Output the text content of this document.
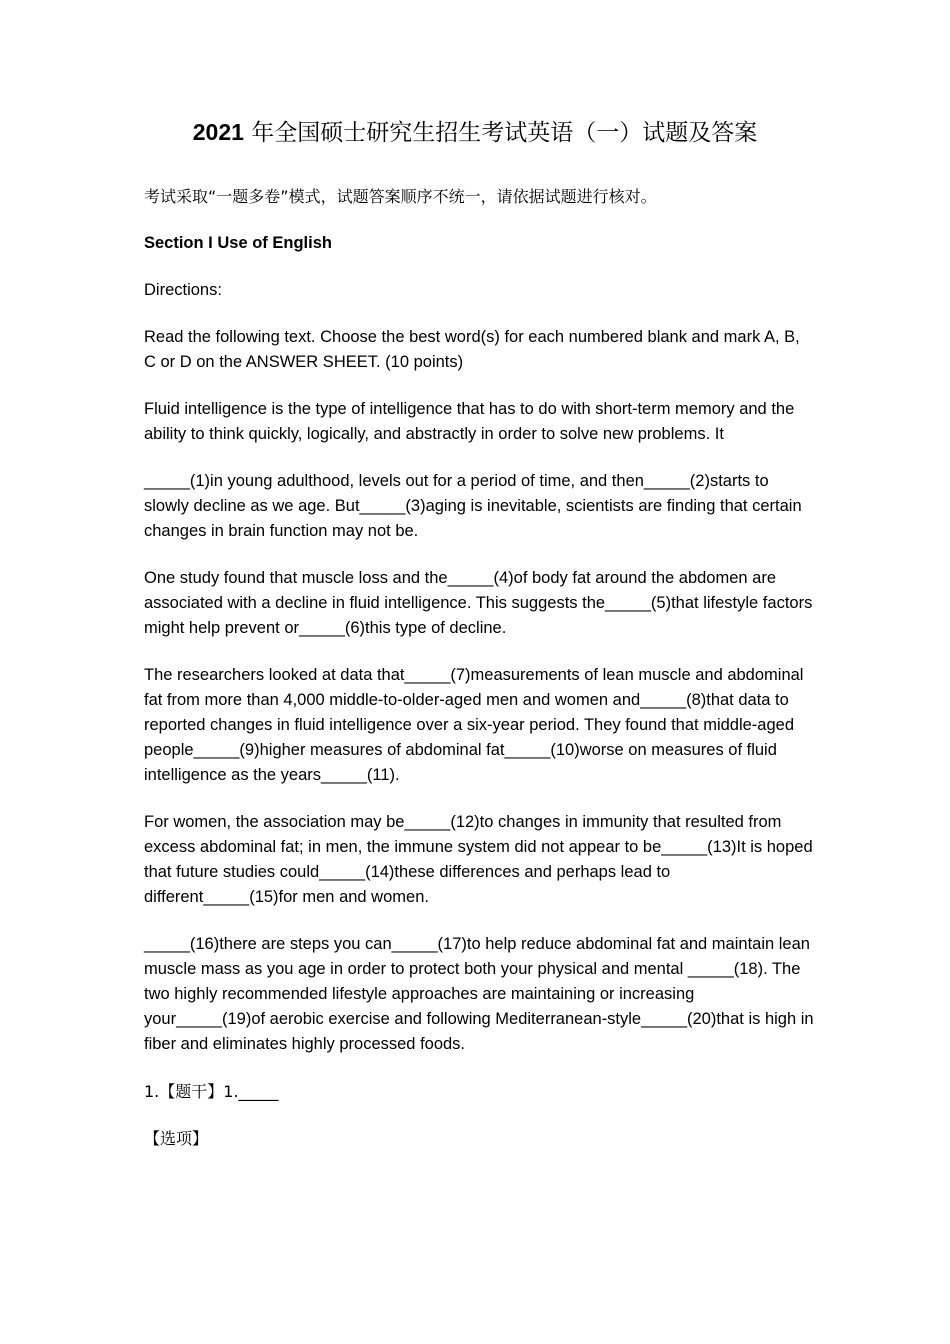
2021 年全国硕士研究生招生考试英语（一）试题及答案

考试采取“一题多卷”模式，试题答案顺序不统一，请依据试题进行核对。

Section I Use of English

Directions:

Read the following text. Choose the best word(s) for each numbered blank and mark A, B, C or D on the ANSWER SHEET. (10 points)

Fluid intelligence is the type of intelligence that has to do with short-term memory and the ability to think quickly, logically, and abstractly in order to solve new problems. It

_____(1)in young adulthood, levels out for a period of time, and then_____(2)starts to slowly decline as we age. But_____(3)aging is inevitable, scientists are finding that certain changes in brain function may not be.

One study found that muscle loss and the_____(4)of body fat around the abdomen are associated with a decline in fluid intelligence. This suggests the_____(5)that lifestyle factors might help prevent or_____(6)this type of decline.

The researchers looked at data that_____(7)measurements of lean muscle and abdominal fat from more than 4,000 middle-to-older-aged men and women and_____(8)that data to reported changes in fluid intelligence over a six-year period. They found that middle-aged people_____(9)higher measures of abdominal fat_____(10)worse on measures of fluid intelligence as the years_____(11).

For women, the association may be_____(12)to changes in immunity that resulted from excess abdominal fat; in men, the immune system did not appear to be_____(13)It is hoped that future studies could_____(14)these differences and perhaps lead to different_____(15)for men and women.

_____(16)there are steps you can_____(17)to help reduce abdominal fat and maintain lean muscle mass as you age in order to protect both your physical and mental _____(18). The two highly recommended lifestyle approaches are maintaining or increasing your_____(19)of aerobic exercise and following Mediterranean-style_____(20)that is high in fiber and eliminates highly processed foods.

1.【题干】1._____

【选项】
